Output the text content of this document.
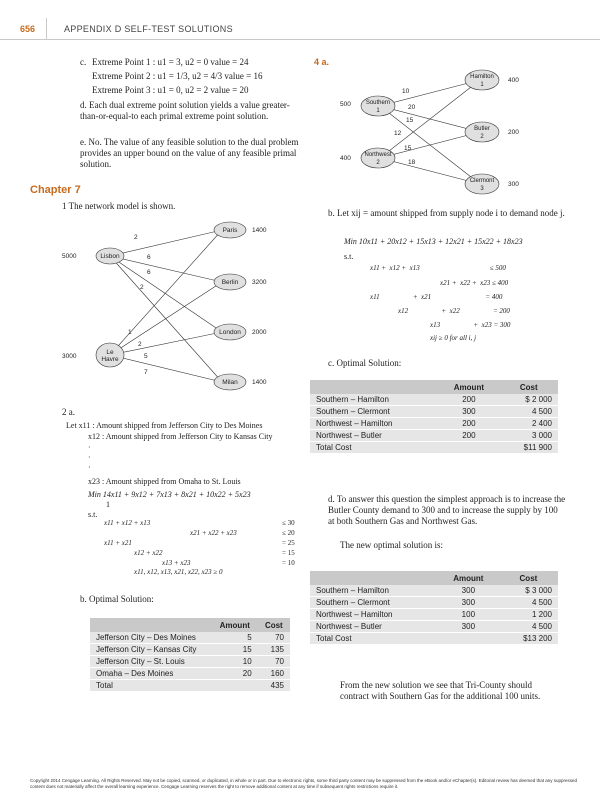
656	APPENDIX D SELF-TEST SOLUTIONS
c. Extreme Point 1 : u1 = 3, u2 = 0 value = 24
Extreme Point 2 : u1 = 1/3, u2 = 4/3 value = 16
Extreme Point 3 : u1 = 0, u2 = 2 value = 20
d. Each dual extreme point solution yields a value greater-than-or-equal-to each primal extreme point solution.
e. No. The value of any feasible solution to the dual problem provides an upper bound on the value of any feasible primal solution.
Chapter 7
1 The network model is shown.
Lisbon
Le
Havre
Paris
Berlin
London
Milan
5000
3000
1400
3200
2000
1400
2
6
6
2
1
2
5
7
2 a.
Let x11 : Amount shipped from Jefferson City to Des Moines
x12 : Amount shipped from Jefferson City to Kansas City
·
·
·
x23 : Amount shipped from Omaha to St. Louis
Min 14x11 + 9x12 + 7x13 + 8x21 + 10x22 + 5x23
1
s.t.
x11 + x12 + x13	≤ 30
x21 + x22 + x23	≤ 20
x11 + x21	= 25
x12 + x22	= 15
x13 + x23	= 10
x11, x12, x13, x21, x22, x23 ≥ 0
b. Optimal Solution:
	Amount	Cost
Jefferson City – Des Moines	5	70
Jefferson City – Kansas City	15	135
Jefferson City – St. Louis	10	70
Omaha – Des Moines	20	160
Total		435
4 a.
Southern
1
Northwest
2
Hamilton
1
Butler
2
Clermont
3
500
400
400
200
300
10
20
15
12
15
18
b. Let xij = amount shipped from supply node i to demand node j.
Min 10x11 + 20x12 + 15x13 + 12x21 + 15x22 + 18x23
s.t.
x11 +  x12 +  x13                                        ≤ 500
x21 +  x22 +  x23 ≤ 400
x11                   +  x21                               = 400
x12                   +  x22                   = 200
x13                   +  x23 = 300
xij ≥ 0 for all i, j
c. Optimal Solution:
	Amount	Cost
Southern – Hamilton	200	$ 2 000
Southern – Clermont	300	4 500
Northwest – Hamilton	200	2 400
Northwest – Butler	200	3 000
Total Cost		$11 900
d. To answer this question the simplest approach is to increase the Butler County demand to 300 and to increase the supply by 100 at both Southern Gas and Northwest Gas.
The new optimal solution is:
	Amount	Cost
Southern – Hamilton	300	$ 3 000
Southern – Clermont	300	4 500
Northwest – Hamilton	100	1 200
Northwest – Butler	300	4 500
Total Cost		$13 200
From the new solution we see that Tri-County should contract with Southern Gas for the additional 100 units.
Copyright 2014 Cengage Learning. All Rights Reserved. May not be copied, scanned, or duplicated, in whole or in part. Due to electronic rights, some third party content may be suppressed from the eBook and/or eChapter(s). Editorial review has deemed that any suppressed content does not materially affect the overall learning experience. Cengage Learning reserves the right to remove additional content at any time if subsequent rights restrictions require it.
